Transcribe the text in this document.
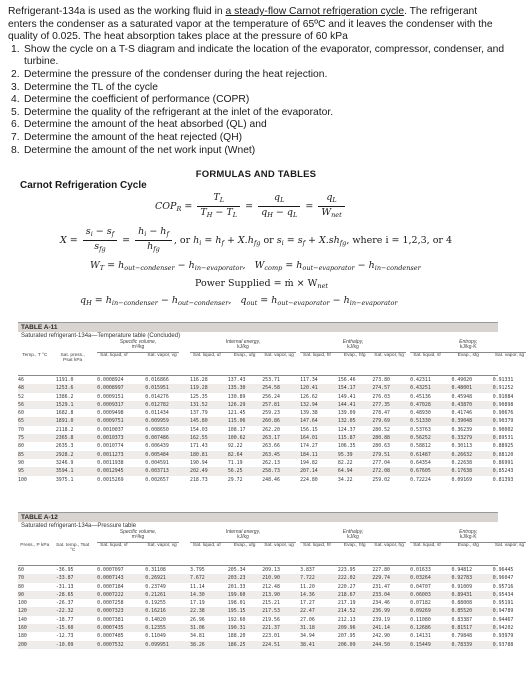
Refrigerant-134a is used as the working fluid in a steady-flow Carnot refrigeration cycle. The refrigerant enters the condenser as a saturated vapor at the temperature of 65ºC and it leaves the condenser with the quality of 0.025. The heat absorption takes place at the pressure of 60 kPa

1. Show the cycle on a T-S diagram and indicate the location of the evaporator, compressor, condenser, and turbine.
2. Determine the pressure of the condenser during the heat rejection.
3. Determine the TL of the cycle
4. Determine the coefficient of performance (COPR)
5. Determine the quality of the refrigerant at the inlet of the evaporator.
6. Determine the amount of the heat absorbed (QL) and
7. Determine the amount of the heat rejected (QH)
8. Determine the amount of the net work input (Wnet)
FORMULAS AND TABLES
Carnot Refrigeration Cycle
$COP_R = \frac{T_L}{T_H - T_L} = \frac{q_L}{q_H - q_L} = \frac{q_L}{W_{net}}$
$X = \frac{s_i - s_f}{s_{fg}} = \frac{h_i - h_f}{h_{fg}}$ , or $h_i = h_f + X.h_{fg}$ or $s_i = s_f + X.sh_{fg}$, where i = 1,2,3, or 4
$W_T = h_{out-condenser} - h_{in-evaporator}$,   $W_{comp} = h_{out-evaporator} - h_{in-condenser}$
Power Supplied = ṁ × $W_{net}$
$q_H = h_{in-condenser} - h_{out-condenser}$,   $q_{out} = h_{out-evaporator} - h_{in-evaporator}$
TABLE A-11
Saturated refrigerant-134a—Temperature table (Concluded)
Specific volume,
m³/kg
Internal energy,
kJ/kg
Enthalpy,
kJ/kg
Entropy,
kJ/kg·K
Temp., T °C	Sat. press., Psat kPa
Sat. liquid, vf	Sat. vapor, vg	Sat. liquid, uf	Evap., ufg	Sat. vapor, ug	Sat. liquid, hf	Evap., hfg	Sat. vapor, hg	Sat. liquid, sf	Evap., sfg	Sat. vapor, sg
46	1191.0	0.0008924	0.016866	116.28	137.43	253.71	117.34	156.46	273.80	0.42311	0.49020	0.91331
48	1253.6	0.0008997	0.015951	119.28	135.30	254.58	120.41	154.17	274.57	0.43251	0.48001	0.91252
52	1386.2	0.0009151	0.014276	125.35	130.89	256.24	126.62	149.41	276.03	0.45136	0.45948	0.91084
56	1529.1	0.0009317	0.012782	131.52	126.29	257.81	132.94	144.41	277.35	0.47028	0.43870	0.90898
60	1682.8	0.0009498	0.011434	137.79	121.45	259.23	139.38	139.09	278.47	0.48930	0.41746	0.90676
65	1891.0	0.0009751	0.009959	145.80	115.06	260.86	147.64	132.05	279.69	0.51330	0.39048	0.90379
70	2118.2	0.0010037	0.008650	154.03	108.17	262.20	156.15	124.37	280.52	0.53763	0.36239	0.90002
75	2365.8	0.0010373	0.007486	162.55	100.62	263.17	164.01	115.87	280.88	0.56252	0.33279	0.89531
80	2635.3	0.0010774	0.006439	171.43	92.22	263.66	174.27	106.35	280.63	0.58812	0.30113	0.88925
85	2928.2	0.0011273	0.005484	180.81	82.64	263.45	184.11	95.39	279.51	0.61487	0.26632	0.88120
90	3246.9	0.0011938	0.004591	190.94	71.19	262.13	194.82	82.22	277.04	0.64354	0.22638	0.86991
95	3594.1	0.0012945	0.003713	202.49	56.25	258.73	207.14	64.94	272.08	0.67605	0.17638	0.85243
100	3975.1	0.0015269	0.002657	218.73	29.72	248.46	224.80	34.22	259.02	0.72224	0.09169	0.81393
TABLE A-12
Saturated refrigerant-134a—Pressure table
Specific volume,
m³/kg
Internal energy,
kJ/kg
Enthalpy,
kJ/kg
Entropy,
kJ/kg·K
Press., P kPa	Sat. temp., Tsat °C
Sat. liquid, vf	Sat. vapor, vg	Sat. liquid, uf	Evap., ufg	Sat. vapor, ug	Sat. liquid, hf	Evap., hfg	Sat. vapor, hg	Sat. liquid, sf	Evap., sfg	Sat. vapor, sg
60	-36.95	0.0007097	0.31108	3.795	205.34	209.13	3.837	223.95	227.80	0.01633	0.94812	0.96445
70	-33.87	0.0007143	0.26921	7.672	203.23	210.90	7.722	222.02	229.74	0.03264	0.92783	0.96047
80	-31.13	0.0007184	0.23749	11.14	201.33	212.48	11.20	220.27	231.47	0.04707	0.91009	0.95716
90	-28.65	0.0007222	0.21261	14.30	199.60	213.90	14.36	218.67	233.04	0.06003	0.89431	0.95434
100	-26.37	0.0007258	0.19255	17.19	198.01	215.21	17.27	217.19	234.46	0.07182	0.88008	0.95191
120	-22.32	0.0007323	0.16216	22.38	195.15	217.53	22.47	214.52	236.99	0.09269	0.85520	0.94789
140	-18.77	0.0007381	0.14020	26.96	192.60	219.56	27.06	212.13	239.19	0.11080	0.83387	0.94467
160	-15.60	0.0007435	0.12355	31.06	190.31	221.37	31.18	209.96	241.14	0.12686	0.81517	0.94202
180	-12.73	0.0007485	0.11049	34.81	188.20	223.01	34.94	207.95	242.90	0.14131	0.79848	0.93979
200	-10.09	0.0007532	0.099951	38.26	186.25	224.51	38.41	206.09	244.50	0.15449	0.78339	0.93788
